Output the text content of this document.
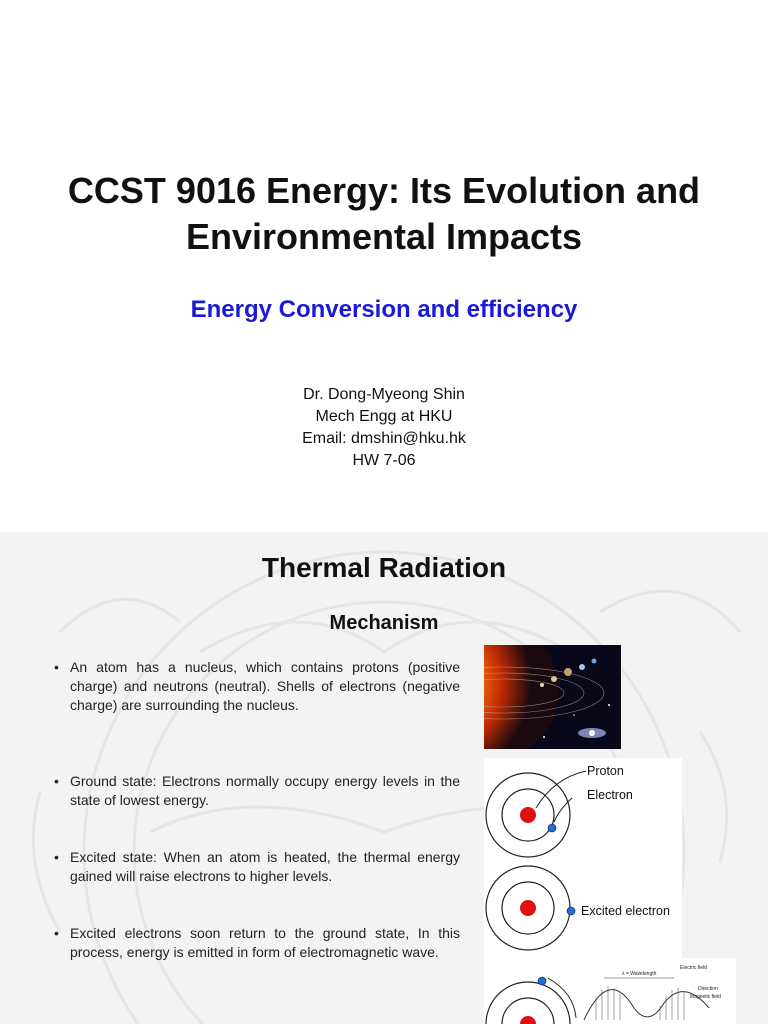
CCST 9016 Energy: Its Evolution and
Environmental Impacts
Energy Conversion and efficiency
Dr. Dong-Myeong Shin
Mech Engg at HKU
Email: dmshin@hku.hk
HW 7-06
Thermal Radiation
Mechanism
• An atom has a nucleus, which contains protons (positive charge) and neutrons (neutral). Shells of electrons (negative charge) are surrounding the nucleus.
• Ground state: Electrons normally occupy energy levels in the state of lowest energy.
• Excited state: When an atom is heated, the thermal energy gained will raise electrons to higher levels.
• Excited electrons soon return to the ground state, In this process, energy is emitted in form of electromagnetic wave.
Proton
Electron
Excited electron
λ = Wavelength
Electric field
Magnetic field
Direction
